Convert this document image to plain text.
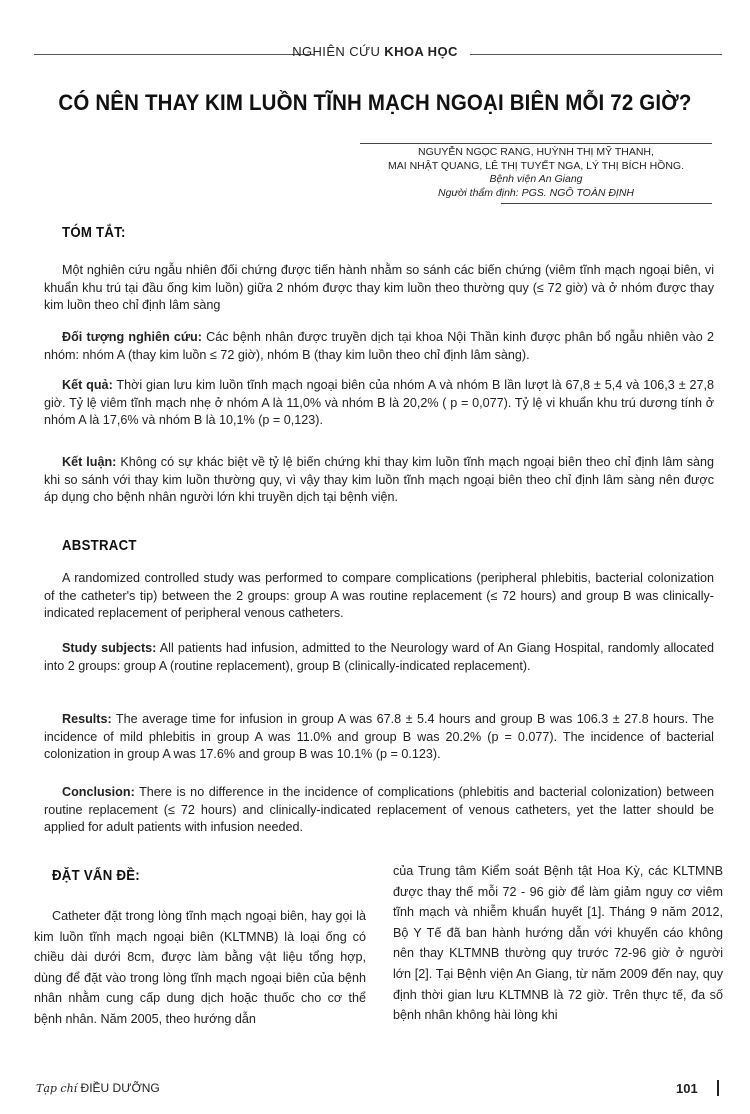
NGHIÊN CỨU KHOA HỌC
CÓ NÊN THAY KIM LUỒN TĨNH MẠCH NGOẠI BIÊN MỖI 72 GIỜ?
NGUYỄN NGỌC RANG, HUỲNH THỊ MỸ THANH,
MAI NHẬT QUANG, LÊ THỊ TUYẾT NGA, LÝ THỊ BÍCH HỒNG.
Bệnh viện An Giang
Người thẩm định: PGS. NGÔ TOÀN ĐỊNH
TÓM TẮT:
Một nghiên cứu ngẫu nhiên đối chứng được tiến hành nhằm so sánh các biến chứng (viêm tĩnh mạch ngoại biên, vi khuẩn khu trú tại đầu ống kim luồn) giữa 2 nhóm được thay kim luồn theo thường quy (≤ 72 giờ) và ở nhóm được thay kim luồn theo chỉ định lâm sàng
Đối tượng nghiên cứu: Các bệnh nhân được truyền dịch tại khoa Nội Thần kinh được phân bổ ngẫu nhiên vào 2 nhóm: nhóm A (thay kim luồn ≤ 72 giờ), nhóm B (thay kim luồn theo chỉ định lâm sàng).
Kết quả: Thời gian lưu kim luồn tĩnh mạch ngoại biên của nhóm A và nhóm B lần lượt là 67,8 ± 5,4 và 106,3 ± 27,8 giờ. Tỷ lệ viêm tĩnh mạch nhẹ ở nhóm A là 11,0% và nhóm B là 20,2% ( p = 0,077). Tỷ lệ vi khuẩn khu trú dương tính ở nhóm A là 17,6% và nhóm B là 10,1% (p = 0,123).
Kết luận: Không có sự khác biệt về tỷ lệ biến chứng khi thay kim luồn tĩnh mạch ngoại biên theo chỉ định lâm sàng khi so sánh với thay kim luồn thường quy, vì vậy thay kim luồn tĩnh mạch ngoại biên theo chỉ định lâm sàng nên được áp dụng cho bệnh nhân người lớn khi truyền dịch tại bệnh viện.
ABSTRACT
A randomized controlled study was performed to compare complications (peripheral phlebitis, bacterial colonization of the catheter's tip) between the 2 groups: group A was routine replacement (≤ 72 hours) and group B was clinically-indicated replacement of peripheral venous catheters.
Study subjects: All patients had infusion, admitted to the Neurology ward of An Giang Hospital, randomly allocated into 2 groups: group A (routine replacement), group B (clinically-indicated replacement).
Results: The average time for infusion in group A was 67.8 ± 5.4 hours and group B was 106.3 ± 27.8 hours. The incidence of mild phlebitis in group A was 11.0% and group B was 20.2% (p = 0.077). The incidence of bacterial colonization in group A was 17.6% and group B was 10.1% (p = 0.123).
Conclusion: There is no difference in the incidence of complications (phlebitis and bacterial colonization) between routine replacement (≤ 72 hours) and clinically-indicated replacement of venous catheters, yet the latter should be applied for adult patients with infusion needed.
ĐẶT VẤN ĐỀ:
Catheter đặt trong lòng tĩnh mạch ngoại biên, hay gọi là kim luồn tĩnh mạch ngoại biên (KLTMNB) là loại ống có chiều dài dưới 8cm, được làm bằng vật liệu tổng hợp, dùng để đặt vào trong lòng tĩnh mạch ngoại biên của bệnh nhân nhằm cung cấp dung dịch hoặc thuốc cho cơ thể bệnh nhân. Năm 2005, theo hướng dẫn
của Trung tâm Kiểm soát Bệnh tật Hoa Kỳ, các KLTMNB được thay thế mỗi 72 - 96 giờ để làm giảm nguy cơ viêm tĩnh mạch và nhiễm khuẩn huyết [1]. Tháng 9 năm 2012, Bộ Y Tế đã ban hành hướng dẫn với khuyến cáo không nên thay KLTMNB thường quy trước 72-96 giờ ở người lớn [2]. Tại Bệnh viện An Giang, từ năm 2009 đến nay, quy định thời gian lưu KLTMNB là 72 giờ. Trên thực tế, đa số bệnh nhân không hài lòng khi
Tạp chí ĐIỀU DƯỠNG	101
